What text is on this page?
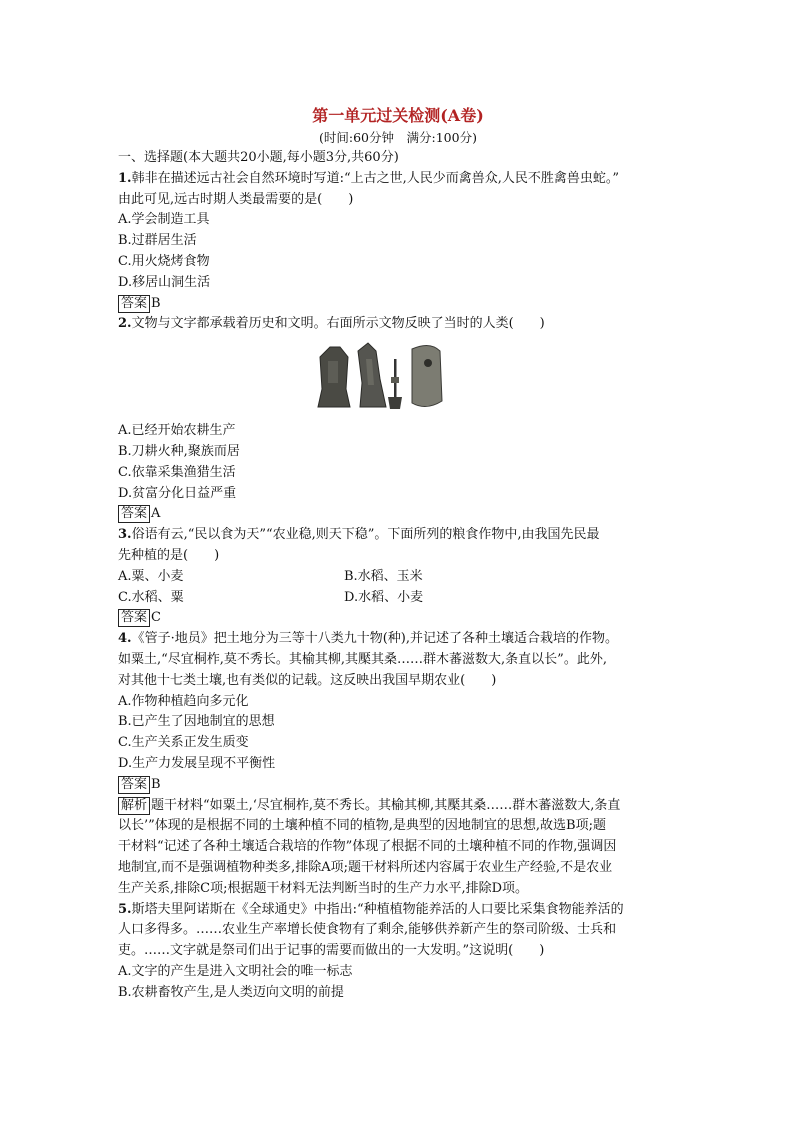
第一单元过关检测(A卷)
(时间:60分钟　满分:100分)
一、选择题(本大题共20小题,每小题3分,共60分)
1.韩非在描述远古社会自然环境时写道:“上古之世,人民少而禽兽众,人民不胜禽兽虫蛇。”
由此可见,远古时期人类最需要的是(　　)
A.学会制造工具
B.过群居生活
C.用火烧烤食物
D.移居山洞生活
答案 B
2.文物与文字都承载着历史和文明。右面所示文物反映了当时的人类(　　)
A.已经开始农耕生产
B.刀耕火种,聚族而居
C.依靠采集渔猎生活
D.贫富分化日益严重
答案 A
3.俗语有云,“民以食为天”“农业稳,则天下稳”。下面所列的粮食作物中,由我国先民最
先种植的是(　　)
A.粟、小麦	B.水稻、玉米
C.水稻、粟	D.水稻、小麦
答案 C
4.《管子·地员》把土地分为三等十八类九十物(种),并记述了各种土壤适合栽培的作物。
如粟土,“尽宜桐柞,莫不秀长。其榆其柳,其檿其桑……群木蕃滋数大,条直以长”。此外,
对其他十七类土壤,也有类似的记载。这反映出我国早期农业(　　)
A.作物种植趋向多元化
B.已产生了因地制宜的思想
C.生产关系正发生质变
D.生产力发展呈现不平衡性
答案 B
解析 题干材料“如粟土,‘尽宜桐柞,莫不秀长。其榆其柳,其檿其桑……群木蕃滋数大,条直
以长’”体现的是根据不同的土壤种植不同的植物,是典型的因地制宜的思想,故选B项;题
干材料“记述了各种土壤适合栽培的作物”体现了根据不同的土壤种植不同的作物,强调因
地制宜,而不是强调植物种类多,排除A项;题干材料所述内容属于农业生产经验,不是农业
生产关系,排除C项;根据题干材料无法判断当时的生产力水平,排除D项。
5.斯塔夫里阿诺斯在《全球通史》中指出:“种植植物能养活的人口要比采集食物能养活的
人口多得多。……农业生产率增长使食物有了剩余,能够供养新产生的祭司阶级、士兵和
吏。……文字就是祭司们出于记事的需要而做出的一大发明。”这说明(　　)
A.文字的产生是进入文明社会的唯一标志
B.农耕畜牧产生,是人类迈向文明的前提
